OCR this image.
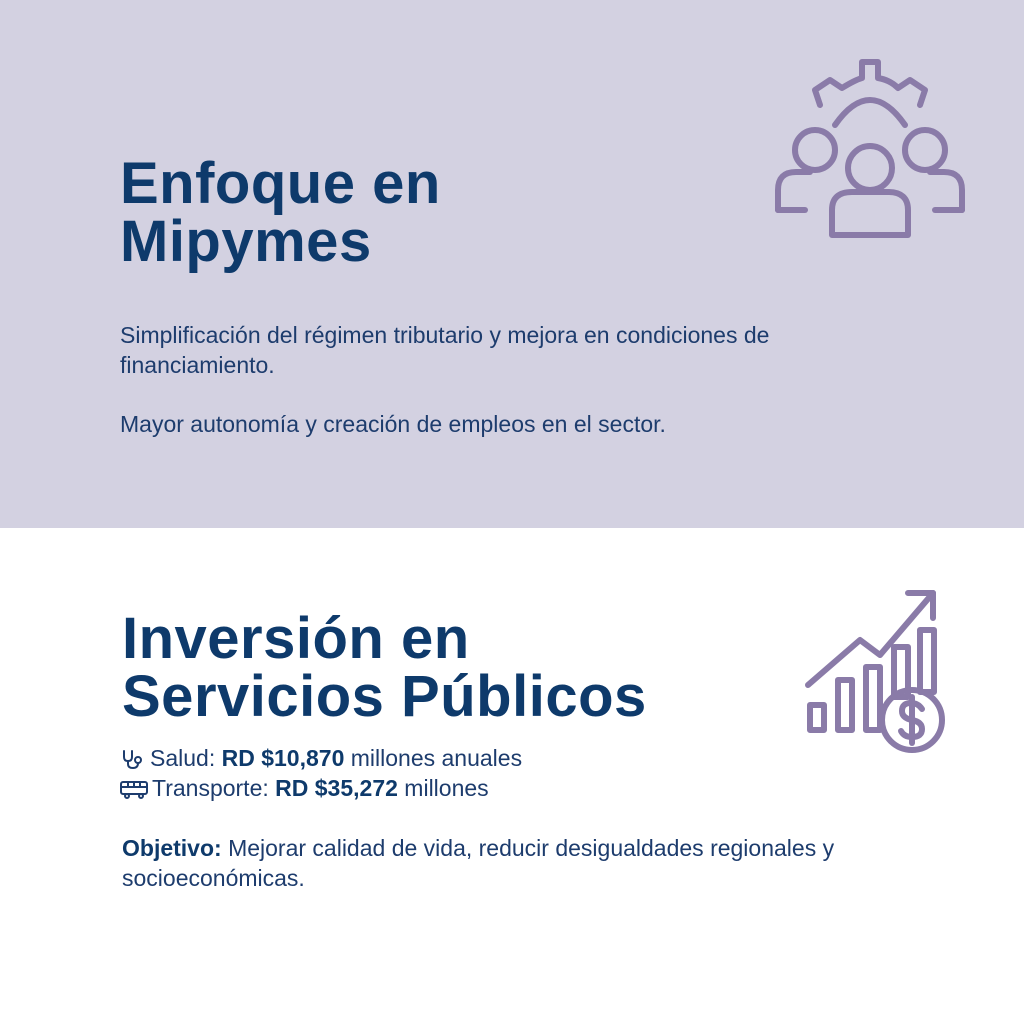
Enfoque en
Mipymes

Simplificación del régimen tributario y mejora en condiciones de financiamiento.

Mayor autonomía y creación de empleos en el sector.

Inversión en
Servicios Públicos
Salud: RD $10,870 millones anuales
Transporte: RD $35,272 millones

Objetivo: Mejorar calidad de vida, reducir desigualdades regionales y socioeconómicas.
